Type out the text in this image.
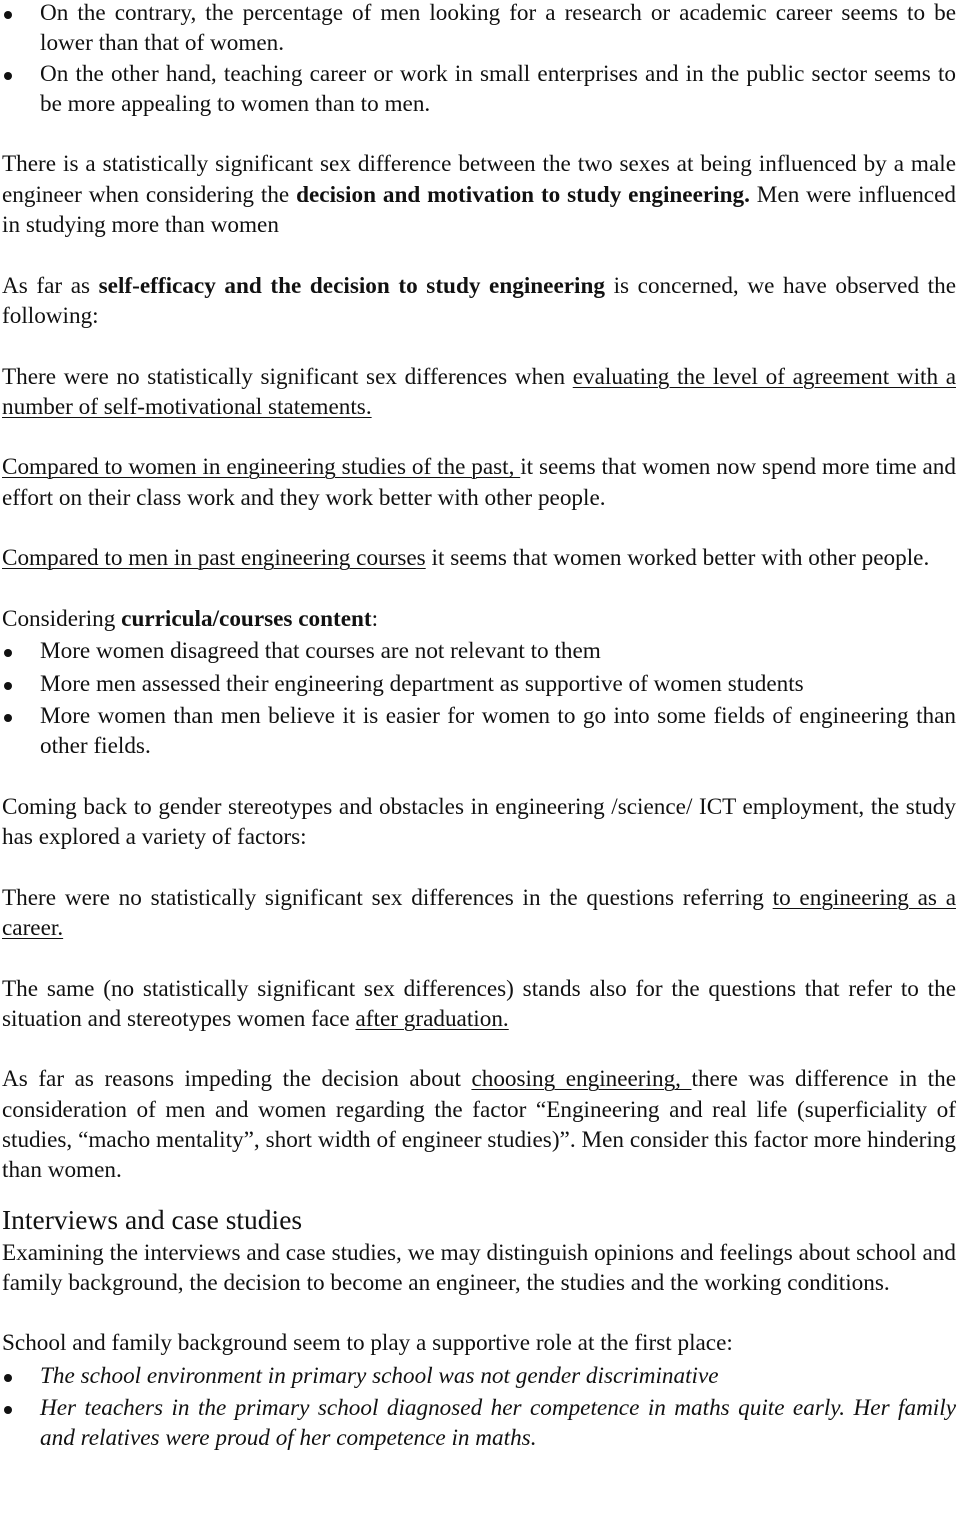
On the contrary, the percentage of men looking for a research or academic career seems to be lower than that of women.
On the other hand, teaching career or work in small enterprises and in the public sector seems to be more appealing to women than to men.

There is a statistically significant sex difference between the two sexes at being influenced by a male engineer when considering the decision and motivation to study engineering. Men were influenced in studying more than women

As far as self-efficacy and the decision to study engineering is concerned, we have observed the following:

There were no statistically significant sex differences when evaluating the level of agreement with a number of self-motivational statements.

Compared to women in engineering studies of the past, it seems that women now spend more time and effort on their class work and they work better with other people.

Compared to men in past engineering courses it seems that women worked better with other people.

Considering curricula/courses content:

More women disagreed that courses are not relevant to them
More men assessed their engineering department as supportive of women students
More women than men believe it is easier for women to go into some fields of engineering than other fields.

Coming back to gender stereotypes and obstacles in engineering /science/ ICT employment, the study has explored a variety of factors:

There were no statistically significant sex differences in the questions referring to engineering as a career.

The same (no statistically significant sex differences) stands also for the questions that refer to the situation and stereotypes women face after graduation.

As far as reasons impeding the decision about choosing engineering, there was difference in the consideration of men and women regarding the factor “Engineering and real life (superficiality of studies, “macho mentality”, short width of engineer studies)”. Men consider this factor more hindering than women.

Interviews and case studies

Examining the interviews and case studies, we may distinguish opinions and feelings about school and family background, the decision to become an engineer, the studies and the working conditions.

School and family background seem to play a supportive role at the first place:

The school environment in primary school was not gender discriminative
Her teachers in the primary school diagnosed her competence in maths quite early. Her family and relatives were proud of her competence in maths.
